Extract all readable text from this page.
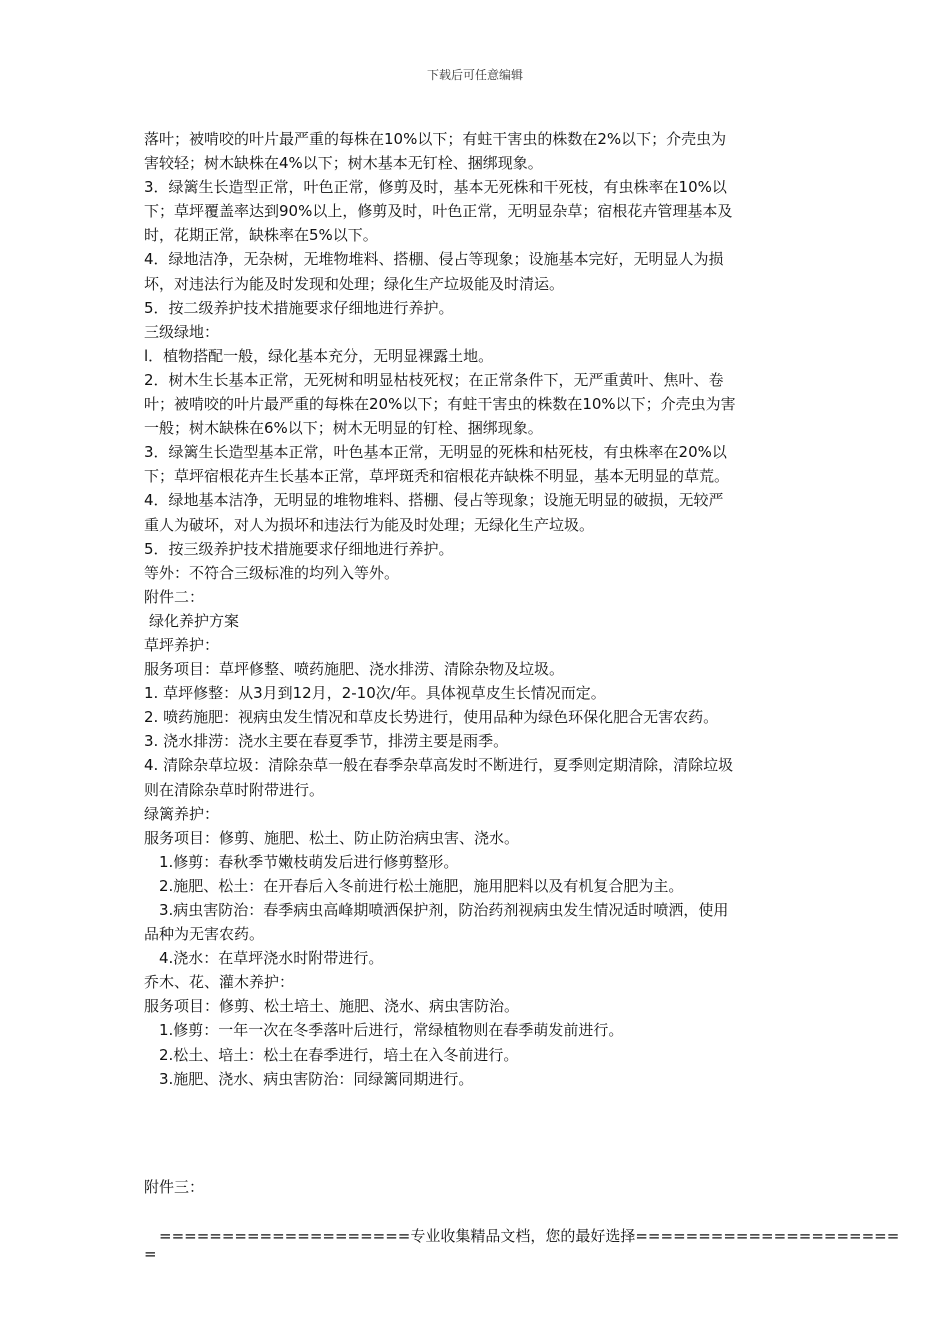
下载后可任意编辑
落叶；被啃咬的叶片最严重的每株在10%以下；有蛀干害虫的株数在2%以下；介壳虫为
害较轻；树木缺株在4%以下；树木基本无钉栓、捆绑现象。
3．绿篱生长造型正常，叶色正常，修剪及时，基本无死株和干死枝，有虫株率在10%以
下；草坪覆盖率达到90%以上，修剪及时，叶色正常，无明显杂草；宿根花卉管理基本及
时，花期正常，缺株率在5%以下。
4．绿地洁净，无杂树，无堆物堆料、搭棚、侵占等现象；设施基本完好，无明显人为损
坏，对违法行为能及时发现和处理；绿化生产垃圾能及时清运。
5．按二级养护技术措施要求仔细地进行养护。
三级绿地：
l．植物搭配一般，绿化基本充分，无明显裸露土地。
2．树木生长基本正常，无死树和明显枯枝死杈；在正常条件下，无严重黄叶、焦叶、卷
叶；被啃咬的叶片最严重的每株在20%以下；有蛀干害虫的株数在10%以下；介壳虫为害
一般；树木缺株在6%以下；树木无明显的钉栓、捆绑现象。
3．绿篱生长造型基本正常，叶色基本正常，无明显的死株和枯死枝，有虫株率在20%以
下；草坪宿根花卉生长基本正常，草坪斑秃和宿根花卉缺株不明显，基本无明显的草荒。
4．绿地基本洁净，无明显的堆物堆料、搭棚、侵占等现象；设施无明显的破损，无较严
重人为破坏，对人为损坏和违法行为能及时处理；无绿化生产垃圾。
5．按三级养护技术措施要求仔细地进行养护。
等外：不符合三级标准的均列入等外。
附件二：
绿化养护方案
草坪养护：
服务项目：草坪修整、喷药施肥、浇水排涝、清除杂物及垃圾。
1. 草坪修整：从3月到12月，2-10次/年。具体视草皮生长情况而定。
2. 喷药施肥：视病虫发生情况和草皮长势进行，使用品种为绿色环保化肥合无害农药。
3. 浇水排涝：浇水主要在春夏季节，排涝主要是雨季。
4. 清除杂草垃圾：清除杂草一般在春季杂草高发时不断进行，夏季则定期清除，清除垃圾
则在清除杂草时附带进行。
绿篱养护：
服务项目：修剪、施肥、松土、防止防治病虫害、浇水。
1.修剪：春秋季节嫩枝萌发后进行修剪整形。
2.施肥、松土：在开春后入冬前进行松土施肥，施用肥料以及有机复合肥为主。
3.病虫害防治：春季病虫高峰期喷洒保护剂，防治药剂视病虫发生情况适时喷洒，使用
品种为无害农药。
4.浇水：在草坪浇水时附带进行。
乔木、花、灌木养护：
服务项目：修剪、松土培土、施肥、浇水、病虫害防治。
1.修剪：一年一次在冬季落叶后进行，常绿植物则在春季萌发前进行。
2.松土、培土：松土在春季进行，培土在入冬前进行。
3.施肥、浇水、病虫害防治：同绿篱同期进行。
附件三：
====================专业收集精品文档，您的最好选择=====================
=
